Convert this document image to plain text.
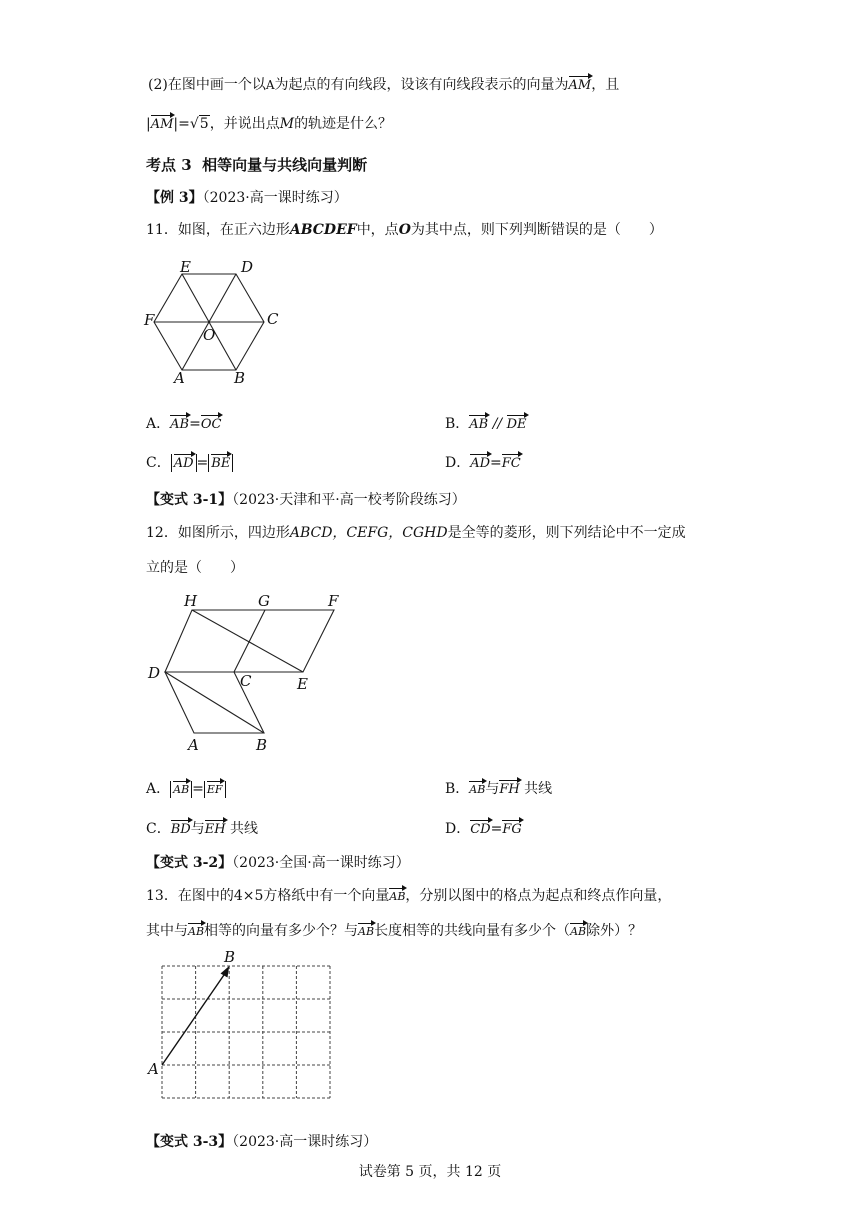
(2)在图中画一个以A为起点的有向线段，设该有向线段表示的向量为AM，且
|AM|=√5，并说出点M的轨迹是什么？
考点 3 相等向量与共线向量判断
【例 3】（2023·高一课时练习）
11．如图，在正六边形ABCDEF中，点O为其中点，则下列判断错误的是（　　）
A	B
C
D
E
F
O
A．AB=OC	B．AB // DE
C． AD = BE	D．AD=FC
【变式 3-1】（2023·天津和平·高一校考阶段练习）
12．如图所示，四边形ABCD，CEFG，CGHD是全等的菱形，则下列结论中不一定成
立的是（　　）
H	G	F
D	C	E
A	B
A． AB = EF	B．AB与FH 共线
C．BD与EH 共线	D．CD=FG
【变式 3-2】（2023·全国·高一课时练习）
13．在图中的4×5方格纸中有一个向量AB，分别以图中的格点为起点和终点作向量，
其中与AB相等的向量有多少个？与AB长度相等的共线向量有多少个（AB除外）？
A
B
【变式 3-3】（2023·高一课时练习）
试卷第 5 页，共 12 页
